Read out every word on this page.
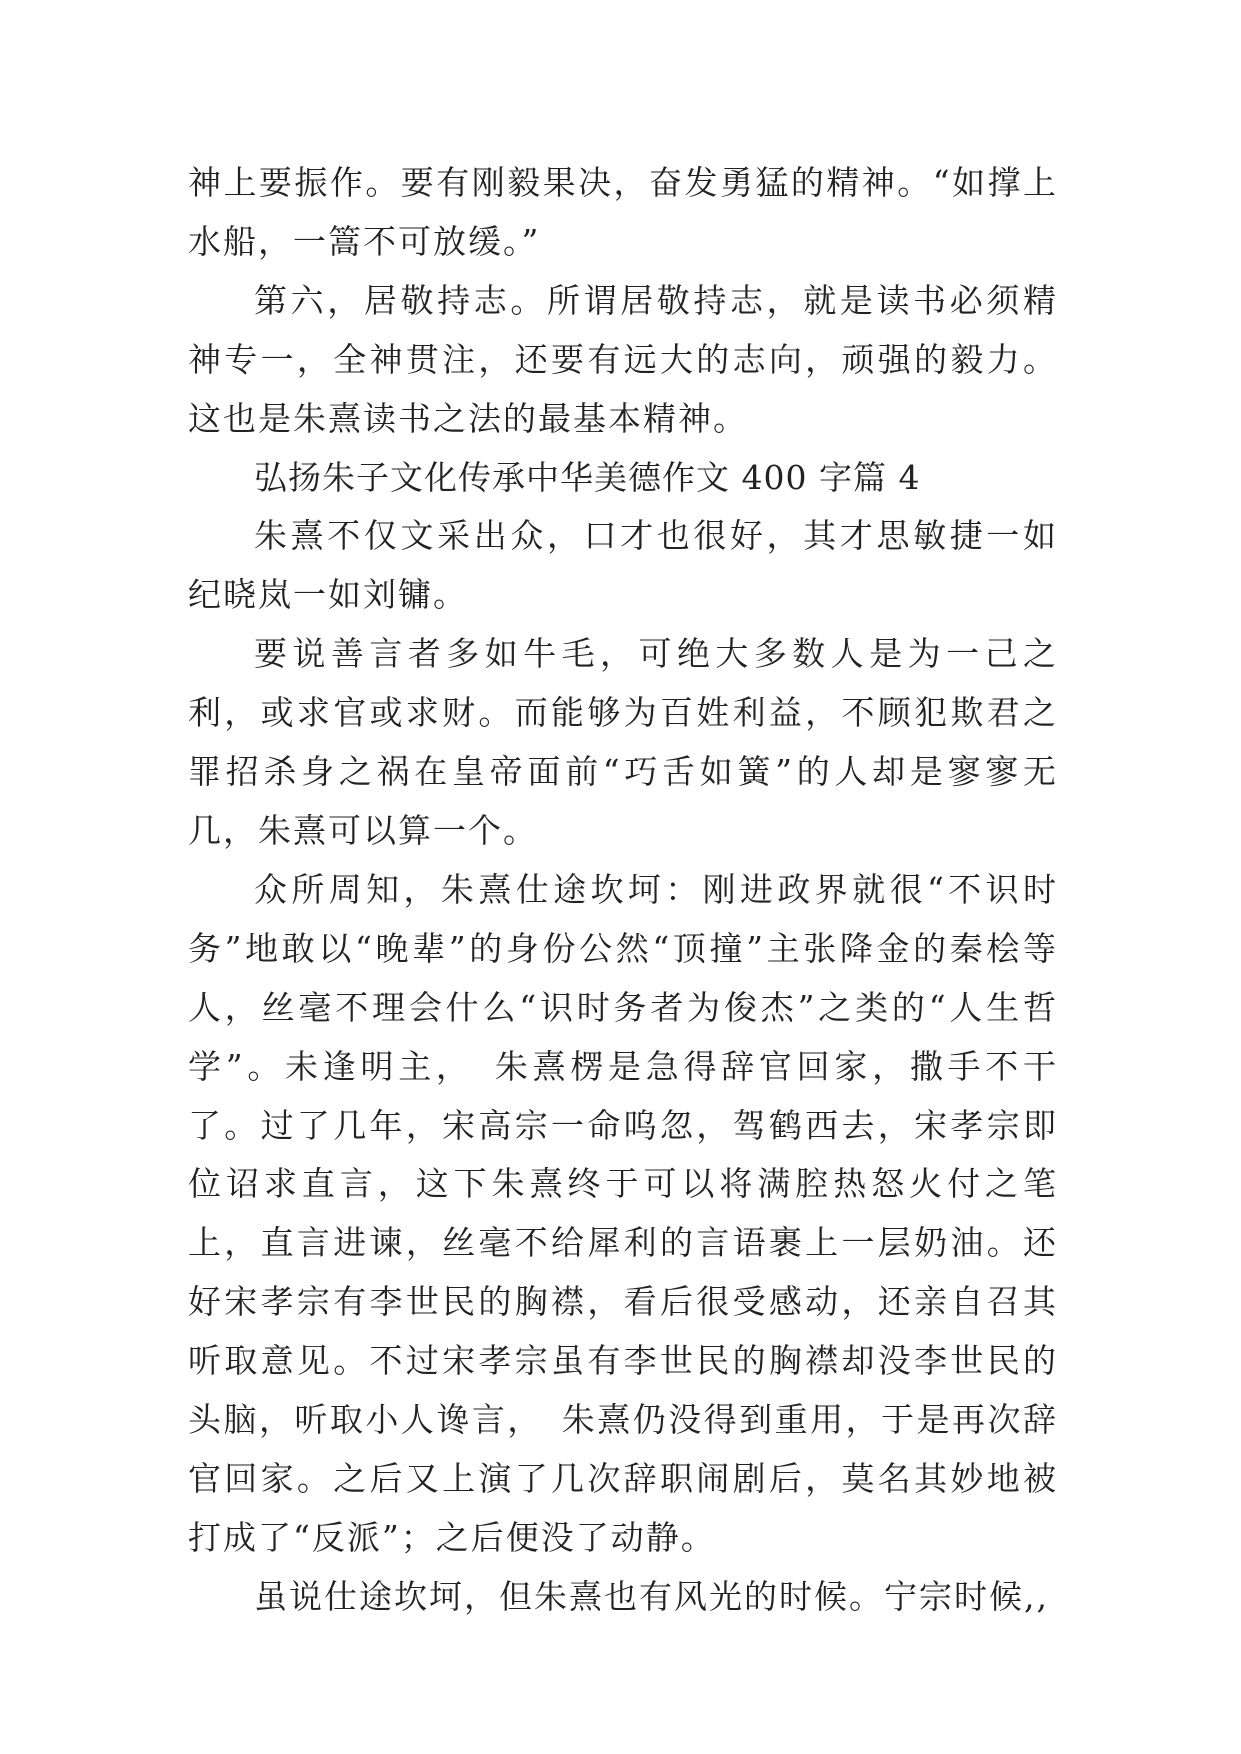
神上要振作。要有刚毅果决，奋发勇猛的精神。“如撑上水船，一篙不可放缓。”

第六，居敬持志。所谓居敬持志，就是读书必须精神专一，全神贯注，还要有远大的志向，顽强的毅力。这也是朱熹读书之法的最基本精神。

弘扬朱子文化传承中华美德作文 400 字篇 4

朱熹不仅文采出众，口才也很好，其才思敏捷一如纪晓岚一如刘镛。

要说善言者多如牛毛，可绝大多数人是为一己之利，或求官或求财。而能够为百姓利益，不顾犯欺君之罪招杀身之祸在皇帝面前“巧舌如簧”的人却是寥寥无几，朱熹可以算一个。

众所周知，朱熹仕途坎坷：刚进政界就很“不识时务”地敢以“晚辈”的身份公然“顶撞”主张降金的秦桧等人，丝毫不理会什么“识时务者为俊杰”之类的“人生哲学”。未逢明主，　朱熹楞是急得辞官回家，撒手不干了。过了几年，宋高宗一命呜忽，驾鹤西去，宋孝宗即位诏求直言，这下朱熹终于可以将满腔热怒火付之笔上，直言进谏，丝毫不给犀利的言语裹上一层奶油。还好宋孝宗有李世民的胸襟，看后很受感动，还亲自召其听取意见。不过宋孝宗虽有李世民的胸襟却没李世民的头脑，听取小人谗言，　朱熹仍没得到重用，于是再次辞官回家。之后又上演了几次辞职闹剧后，莫名其妙地被打成了“反派”；之后便没了动静。

虽说仕途坎坷，但朱熹也有风光的时候。宁宗时候,,
